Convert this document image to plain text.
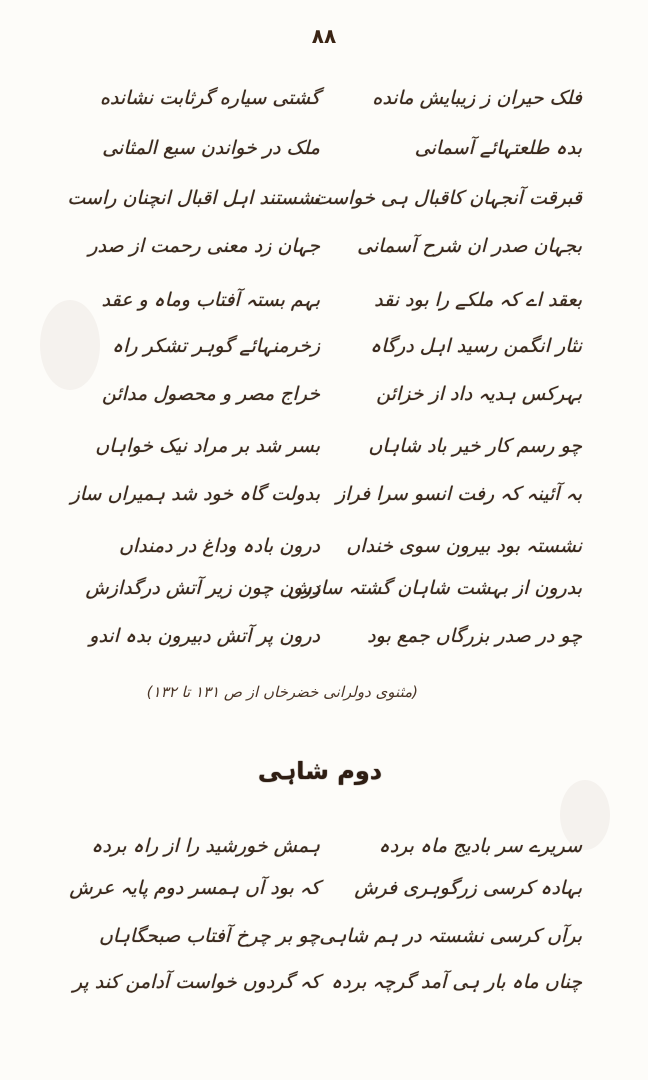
۸۸
فلک حیران ز زیبایش مانده
گشتی سیاره گرثابت نشانده
بدہ طلعتہائے آسمانی
ملک در خواندن سبع المثانی
قبرقت آنجہان کاقبال ہی خواست
نشستند اہل اقبال انچنان راست
بجہان صدر ان شرح آسمانی
جہان زد معنی رحمت از صدر
بعقد اے کہ ملکے را بود نقد
بہم بستہ آفتاب وماہ و عقد
نثار انگمن رسید اہل درگاہ
زخرمنہائے گوہر تشکر راہ
بہرکس ہدیہ داد از خزائن
خراج مصر و محصول مدائن
چو رسم کار خیر باد شاہاں
بسر شد بر مراد نیک خواہاں
بہ آئینہ کہ رفت انسو سرا فراز
بدولت گاہ خود شد ہمیراں ساز
نشستہ بود بیرون سوی خنداں
درون بادہ وداغ در دمنداں
بدرون از بہشت شاہان گشتہ سازش
درون چون زیر آتش درگدازش
چو در صدر بزرگاں جمع بود
درون پر آتش دبیرون بدہ اندو
(مثنوی دولرانی خضرخاں از ص ۱۳۱ تا ۱۳۲)
دوم شاہی
سریرے سر بادیج ماہ بردہ
ہمش خورشید را از راہ بردہ
بہادہ کرسی زرگوہری فرش
کہ بود آں ہمسر دوم پایہ عرش
برآں کرسی نشستہ در ہم شاہی
چو بر چرخ آفتاب صبحگاہاں
چناں ماہ بار ہی آمد گرچہ بردہ
کہ گردوں خواست آدامن کند پر
